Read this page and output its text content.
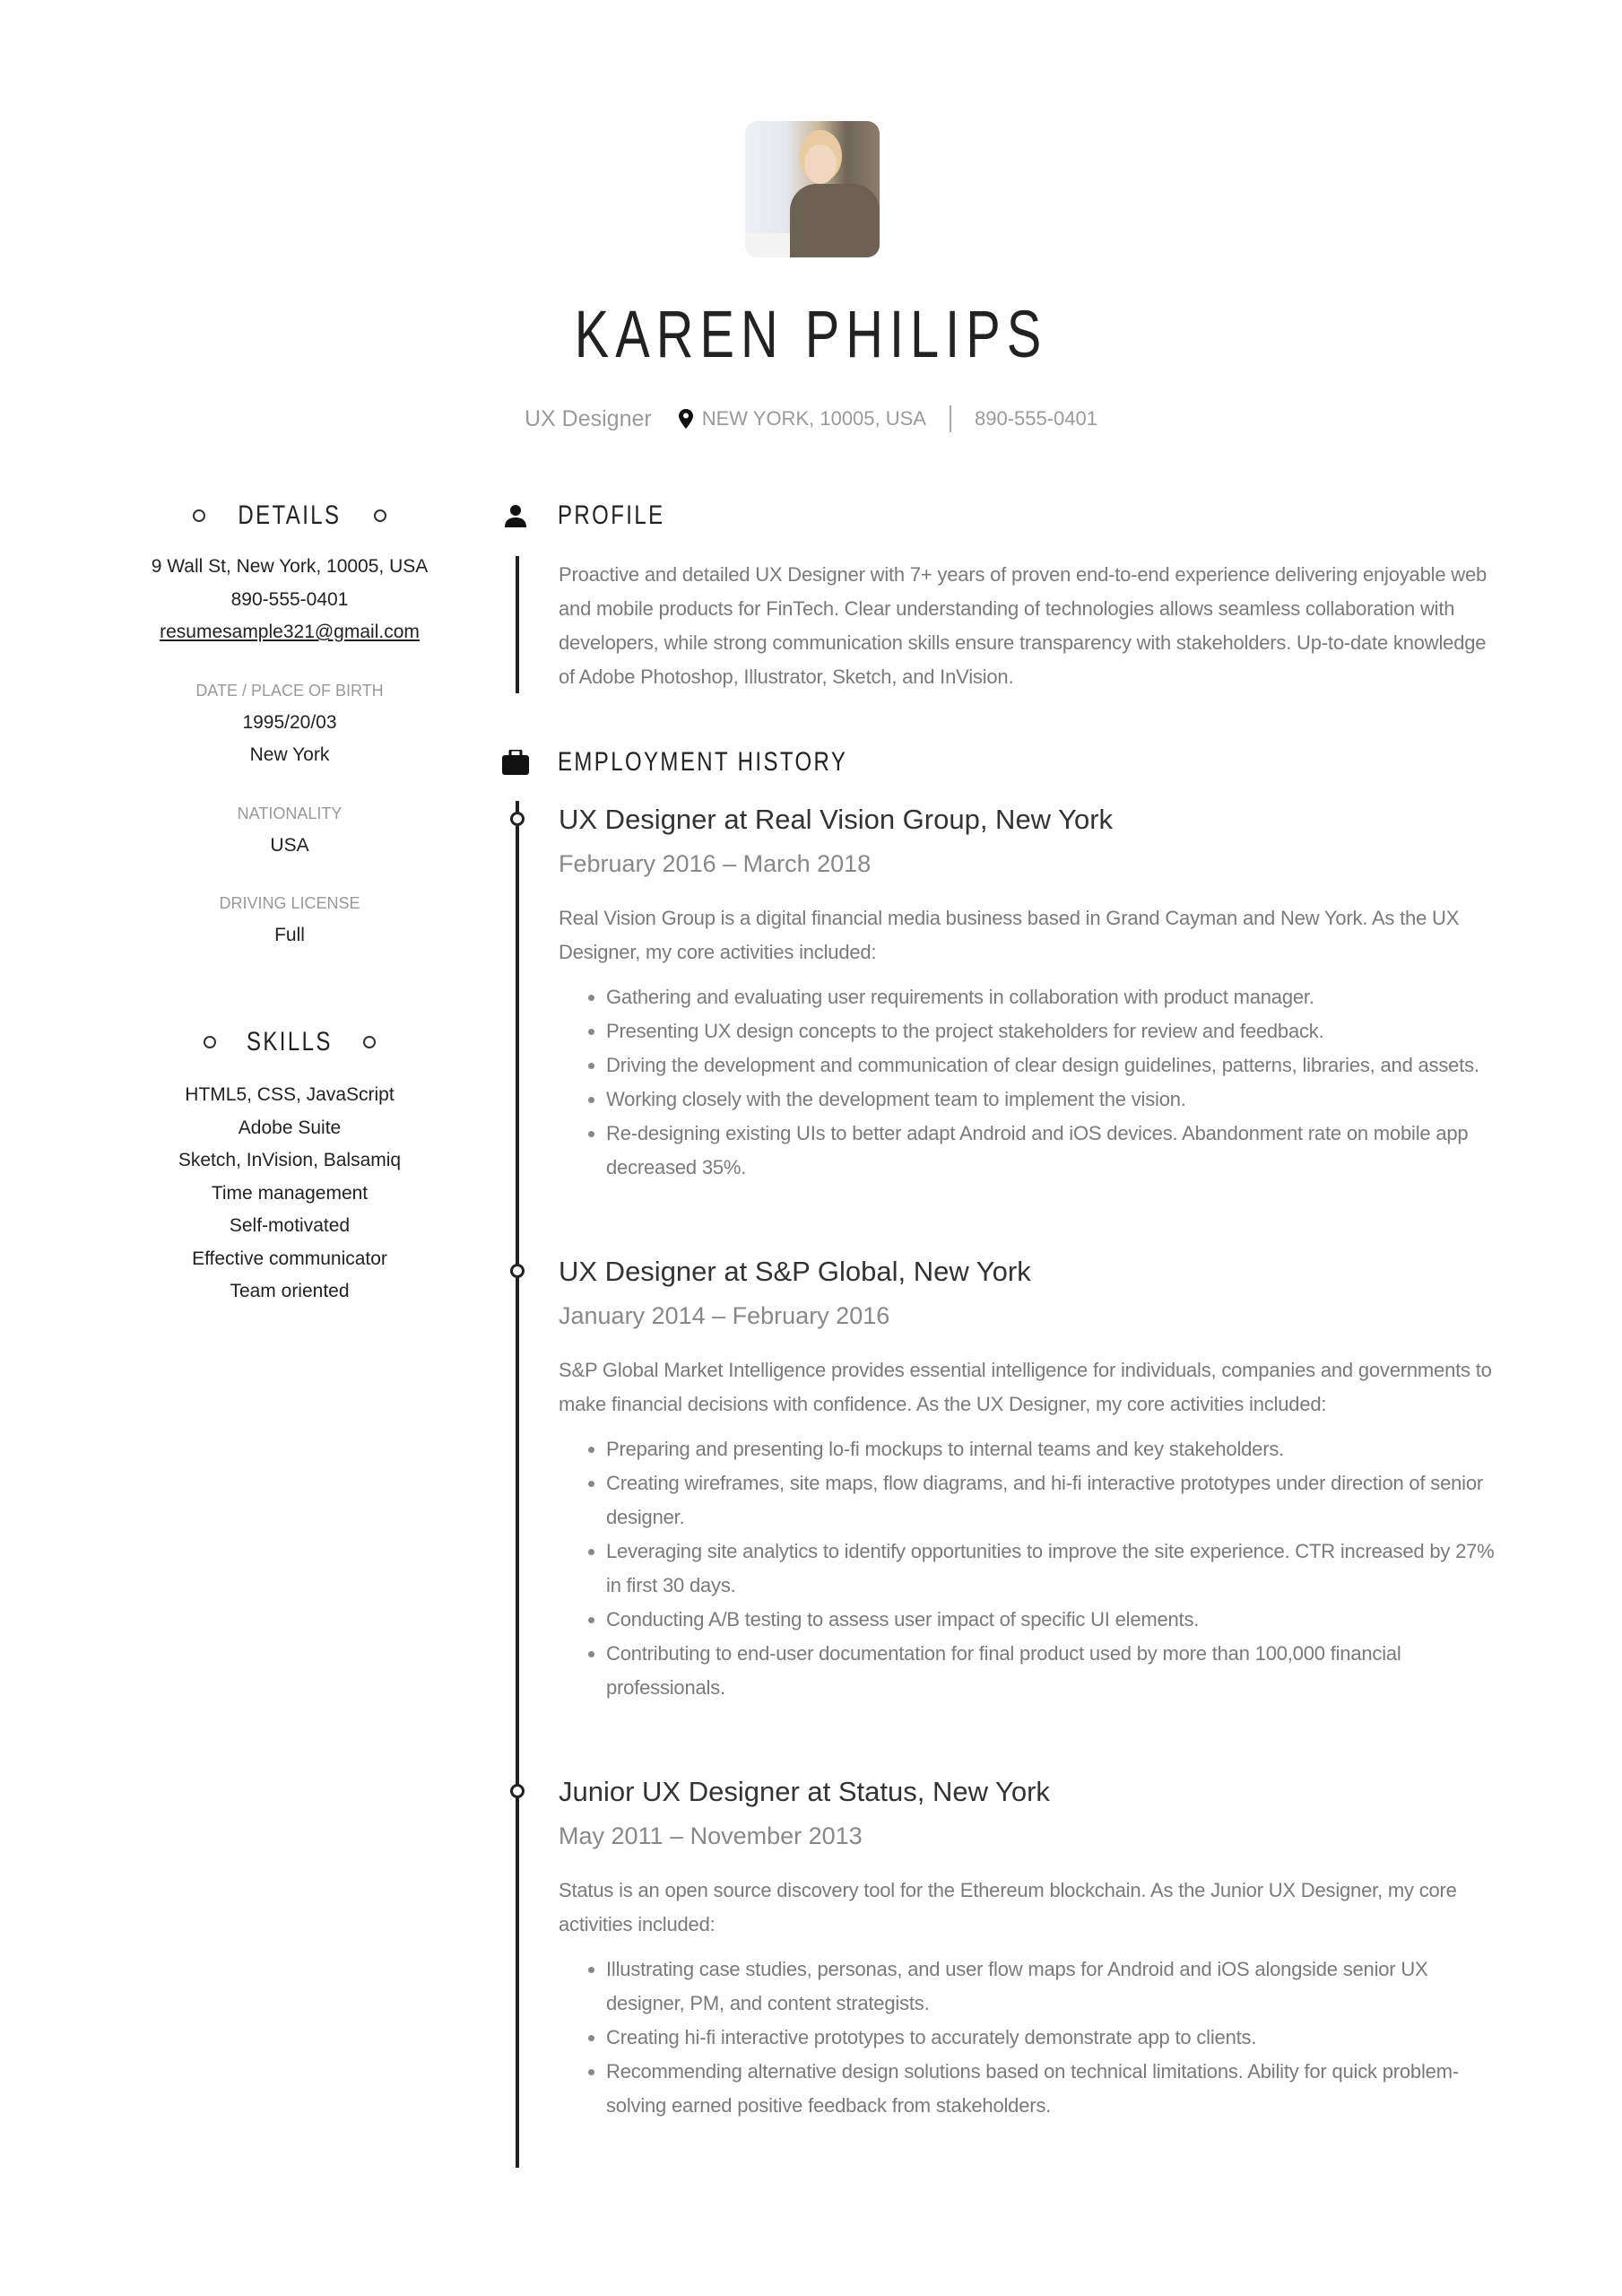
KAREN PHILIPS
UX Designer	NEW YORK, 10005, USA 890-555-0401
DETAILS
9 Wall St, New York, 10005, USA
890-555-0401
resumesample321@gmail.com
DATE / PLACE OF BIRTH
1995/20/03
New York
NATIONALITY
USA
DRIVING LICENSE
Full
SKILLS
HTML5, CSS, JavaScript
Adobe Suite
Sketch, InVision, Balsamiq
Time management
Self-motivated
Effective communicator
Team oriented
PROFILE
Proactive and detailed UX Designer with 7+ years of proven end-to-end experience delivering enjoyable web and mobile products for FinTech. Clear understanding of technologies allows seamless collaboration with developers, while strong communication skills ensure transparency with stakeholders. Up-to-date knowledge of Adobe Photoshop, Illustrator, Sketch, and InVision.
EMPLOYMENT HISTORY
UX Designer at Real Vision Group, New York
February 2016 – March 2018
Real Vision Group is a digital financial media business based in Grand Cayman and New York. As the UX Designer, my core activities included:
• Gathering and evaluating user requirements in collaboration with product manager.
• Presenting UX design concepts to the project stakeholders for review and feedback.
• Driving the development and communication of clear design guidelines, patterns, libraries, and assets.
• Working closely with the development team to implement the vision.
• Re-designing existing UIs to better adapt Android and iOS devices. Abandonment rate on mobile app decreased 35%.
UX Designer at S&P Global, New York
January 2014 – February 2016
S&P Global Market Intelligence provides essential intelligence for individuals, companies and governments to make financial decisions with confidence. As the UX Designer, my core activities included:
• Preparing and presenting lo-fi mockups to internal teams and key stakeholders.
• Creating wireframes, site maps, flow diagrams, and hi-fi interactive prototypes under direction of senior designer.
• Leveraging site analytics to identify opportunities to improve the site experience. CTR increased by 27% in first 30 days.
• Conducting A/B testing to assess user impact of specific UI elements.
• Contributing to end-user documentation for final product used by more than 100,000 financial professionals.
Junior UX Designer at Status, New York
May 2011 – November 2013
Status is an open source discovery tool for the Ethereum blockchain. As the Junior UX Designer, my core activities included:
• Illustrating case studies, personas, and user flow maps for Android and iOS alongside senior UX designer, PM, and content strategists.
• Creating hi-fi interactive prototypes to accurately demonstrate app to clients.
• Recommending alternative design solutions based on technical limitations. Ability for quick problem-solving earned positive feedback from stakeholders.
